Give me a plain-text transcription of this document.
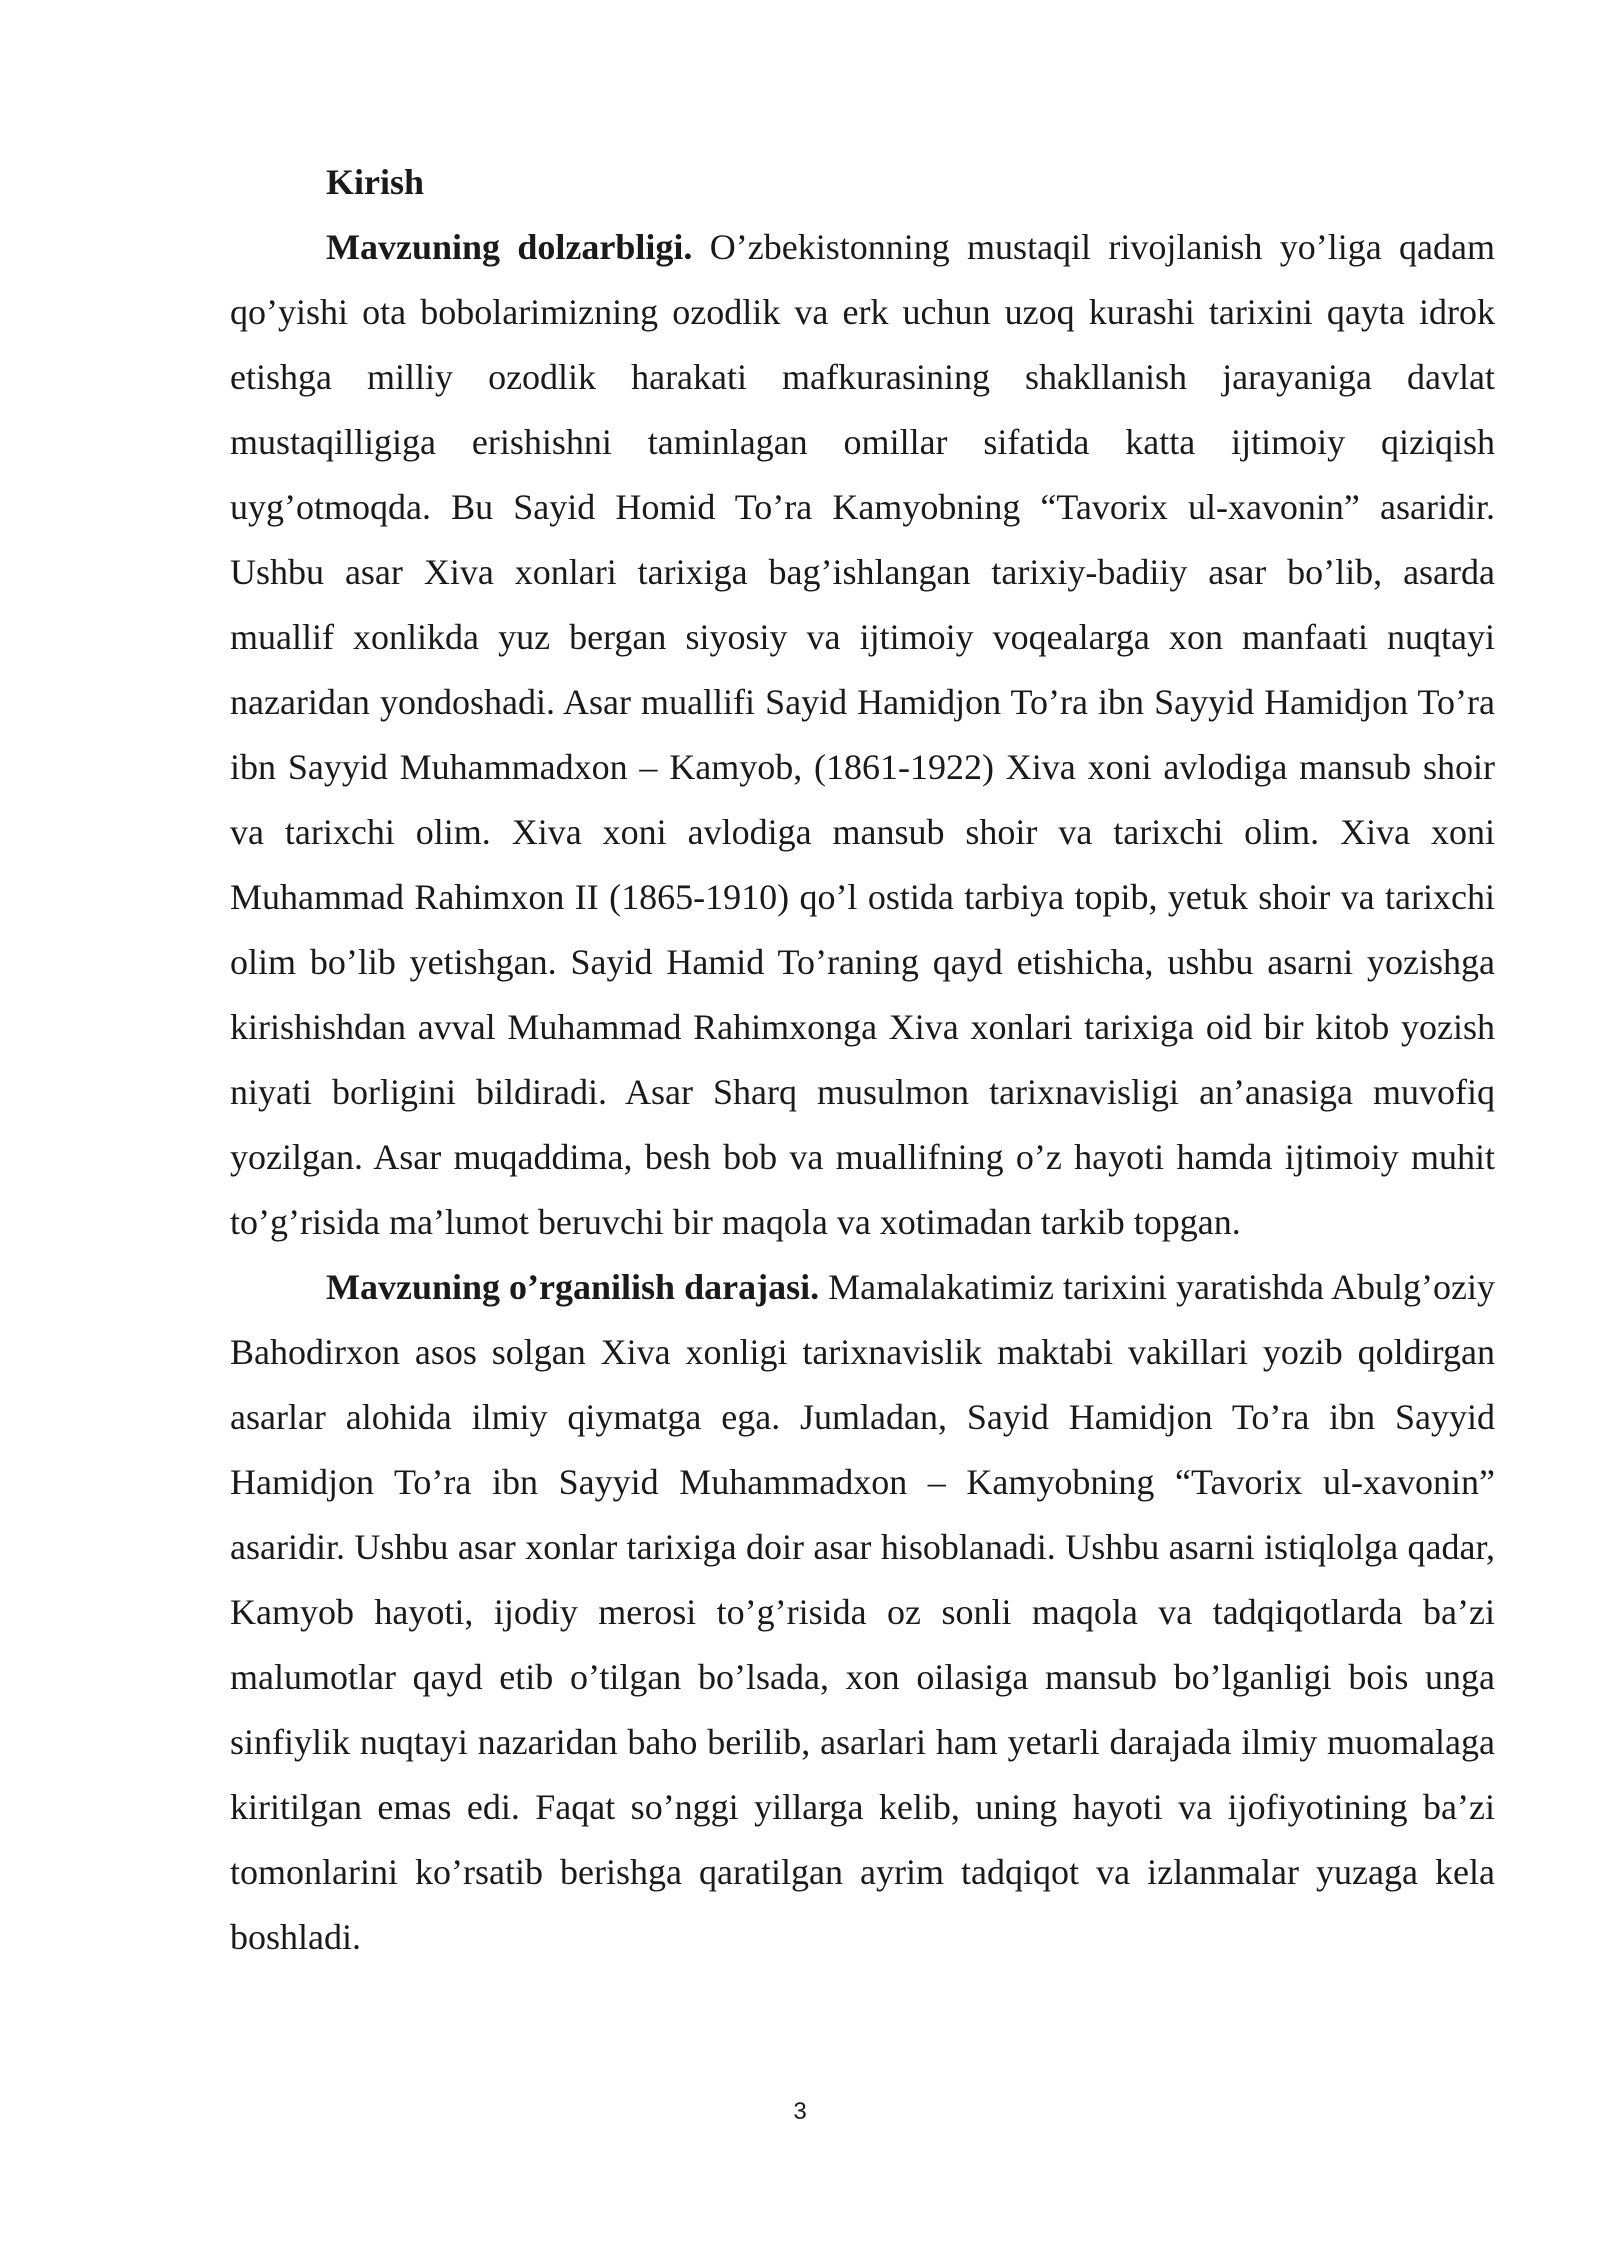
Kirish

Mavzuning dolzarbligi. O’zbekistonning mustaqil rivojlanish yo’liga qadam qo’yishi ota bobolarimizning ozodlik va erk uchun uzoq kurashi tarixini qayta idrok etishga milliy ozodlik harakati mafkurasining shakllanish jarayaniga davlat mustaqilligiga erishishni taminlagan omillar sifatida katta ijtimoiy qiziqish uyg’otmoqda. Bu Sayid Homid To’ra Kamyobning “Tavorix ul-xavonin” asaridir. Ushbu asar Xiva xonlari tarixiga bag’ishlangan tarixiy-badiiy asar bo’lib, asarda muallif xonlikda yuz bergan siyosiy va ijtimoiy voqealarga xon manfaati nuqtayi nazaridan yondoshadi. Asar muallifi Sayid Hamidjon To’ra ibn Sayyid Hamidjon To’ra ibn Sayyid Muhammadxon – Kamyob, (1861-1922) Xiva xoni avlodiga mansub shoir va tarixchi olim. Xiva xoni avlodiga mansub shoir va tarixchi olim. Xiva xoni Muhammad Rahimxon II (1865-1910) qo’l ostida tarbiya topib, yetuk shoir va tarixchi olim bo’lib yetishgan. Sayid Hamid To’raning qayd etishicha, ushbu asarni yozishga kirishishdan avval Muhammad Rahimxonga Xiva xonlari tarixiga oid bir kitob yozish niyati borligini bildiradi. Asar Sharq musulmon tarixnavisligi an’anasiga muvofiq yozilgan. Asar muqaddima, besh bob va muallifning o’z hayoti hamda ijtimoiy muhit to’g’risida ma’lumot beruvchi bir maqola va xotimadan tarkib topgan.

Mavzuning o’rganilish darajasi. Mamalakatimiz tarixini yaratishda Abulg’oziy Bahodirxon asos solgan Xiva xonligi tarixnavislik maktabi vakillari yozib qoldirgan asarlar alohida ilmiy qiymatga ega. Jumladan, Sayid Hamidjon To’ra ibn Sayyid Hamidjon To’ra ibn Sayyid Muhammadxon – Kamyobning “Tavorix ul-xavonin” asaridir. Ushbu asar xonlar tarixiga doir asar hisoblanadi. Ushbu asarni istiqlolga qadar, Kamyob hayoti, ijodiy merosi to’g’risida oz sonli maqola va tadqiqotlarda ba’zi malumotlar qayd etib o’tilgan bo’lsada, xon oilasiga mansub bo’lganligi bois unga sinfiylik nuqtayi nazaridan baho berilib, asarlari ham yetarli darajada ilmiy muomalaga kiritilgan emas edi. Faqat so’nggi yillarga kelib, uning hayoti va ijofiyotining ba’zi tomonlarini ko’rsatib berishga qaratilgan ayrim tadqiqot va izlanmalar yuzaga kela boshladi.

3
